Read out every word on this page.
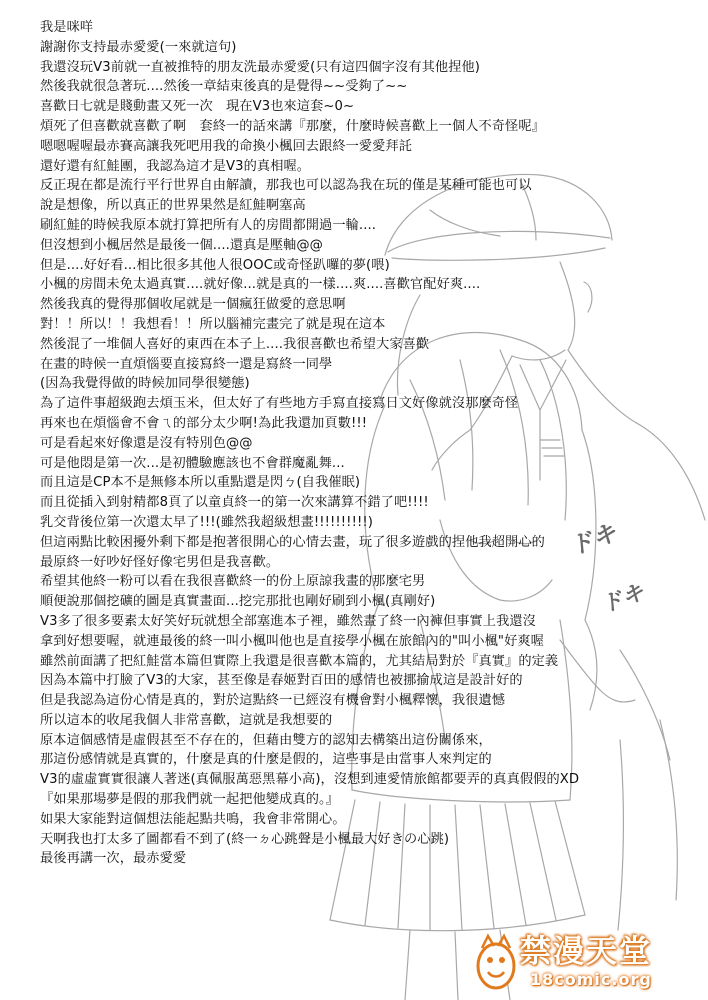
我是咪咩
謝謝你支持最赤愛愛(一來就這句)
我還沒玩V3前就一直被推特的朋友洗最赤愛愛(只有這四個字沒有其他捏他)
然後我就很急著玩....然後一章結束後真的是覺得~~受夠了~~
喜歡日七就是賤動畫又死一次　現在V3也來這套~0~
煩死了但喜歡就喜歡了啊　套終一的話來講『那麼，什麼時候喜歡上一個人不奇怪呢』
嗯嗯喔喔最赤賽高讓我死吧用我的命換小楓回去跟終一愛愛拜託
還好還有紅鮭團，我認為這才是V3的真相喔。
反正現在都是流行平行世界自由解讀，那我也可以認為我在玩的僅是某種可能也可以
說是想像，所以真正的世界果然是紅鮭啊塞高
刷紅鮭的時候我原本就打算把所有人的房間都開過一輪....
但沒想到小楓居然是最後一個....還真是壓軸@@
但是....好好看...相比很多其他人很OOC或奇怪趴囉的夢(喂)
小楓的房間未免太過真實....就好像...就是真的一樣....爽....喜歡官配好爽....
然後我真的覺得那個收尾就是一個瘋狂做愛的意思啊
對！！所以！！我想看！！所以腦補完畫完了就是現在這本
然後混了一堆個人喜好的東西在本子上....我很喜歡也希望大家喜歡
在畫的時候一直煩惱要直接寫終一還是寫終一同學
(因為我覺得做的時候加同學很變態)
為了這件事超級跑去煩玉米，但太好了有些地方手寫直接寫日文好像就沒那麼奇怪
再來也在煩惱會不會ㄟ的部分太少啊!為此我還加頁數!!!
可是看起來好像還是沒有特別色@@
可是他悶是第一次...是初體驗應該也不會群魔亂舞...
而且這是CP本不是無修本所以重點還是閃ㄅ(自我催眠)
而且從插入到射精都8頁了以童貞終一的第一次來講算不錯了吧!!!!
乳交背後位第一次還太早了!!!(雖然我超級想畫!!!!!!!!!!)
但這兩點比較困擾外剩下都是抱著很開心的心情去畫，玩了很多遊戲的捏他我超開心的
最原終一好吵好怪好像宅男但是我喜歡。
希望其他終一粉可以看在我很喜歡終一的份上原諒我畫的那麼宅男
順便說那個挖礦的圖是真實畫面...挖完那批也剛好刷到小楓(真剛好)
V3多了很多要素太好笑好玩就想全部塞進本子裡，雖然畫了終一內褲但事實上我還沒
拿到好想要喔，就連最後的終一叫小楓叫他也是直接學小楓在旅館內的"叫小楓"好爽喔
雖然前面講了把紅鮭當本篇但實際上我還是很喜歡本篇的，尤其結局對於『真實』的定義
因為本篇中打臉了V3的大家，甚至像是春姬對百田的感情也被挪揄成這是設計好的
但是我認為這份心情是真的，對於這點終一已經沒有機會對小楓釋懷，我很遺憾
所以這本的收尾我個人非常喜歡，這就是我想要的
原本這個感情是虛假甚至不存在的，但藉由雙方的認知去構築出這份關係來，
那這份感情就是真實的，什麼是真的什麼是假的，這些事是由當事人來判定的
V3的虛虛實實很讓人著迷(真佩服萬惡黑幕小高)，沒想到連愛情旅館都要弄的真真假假的XD
『如果那場夢是假的那我們就一起把他變成真的。』
如果大家能對這個想法能起點共鳴，我會非常開心。
天啊我也打太多了圖都看不到了(終一ㄉ心跳聲是小楓最大好きの心跳)
最後再講一次，最赤愛愛
ドキ
ドキ
禁漫天堂
18comic.org
